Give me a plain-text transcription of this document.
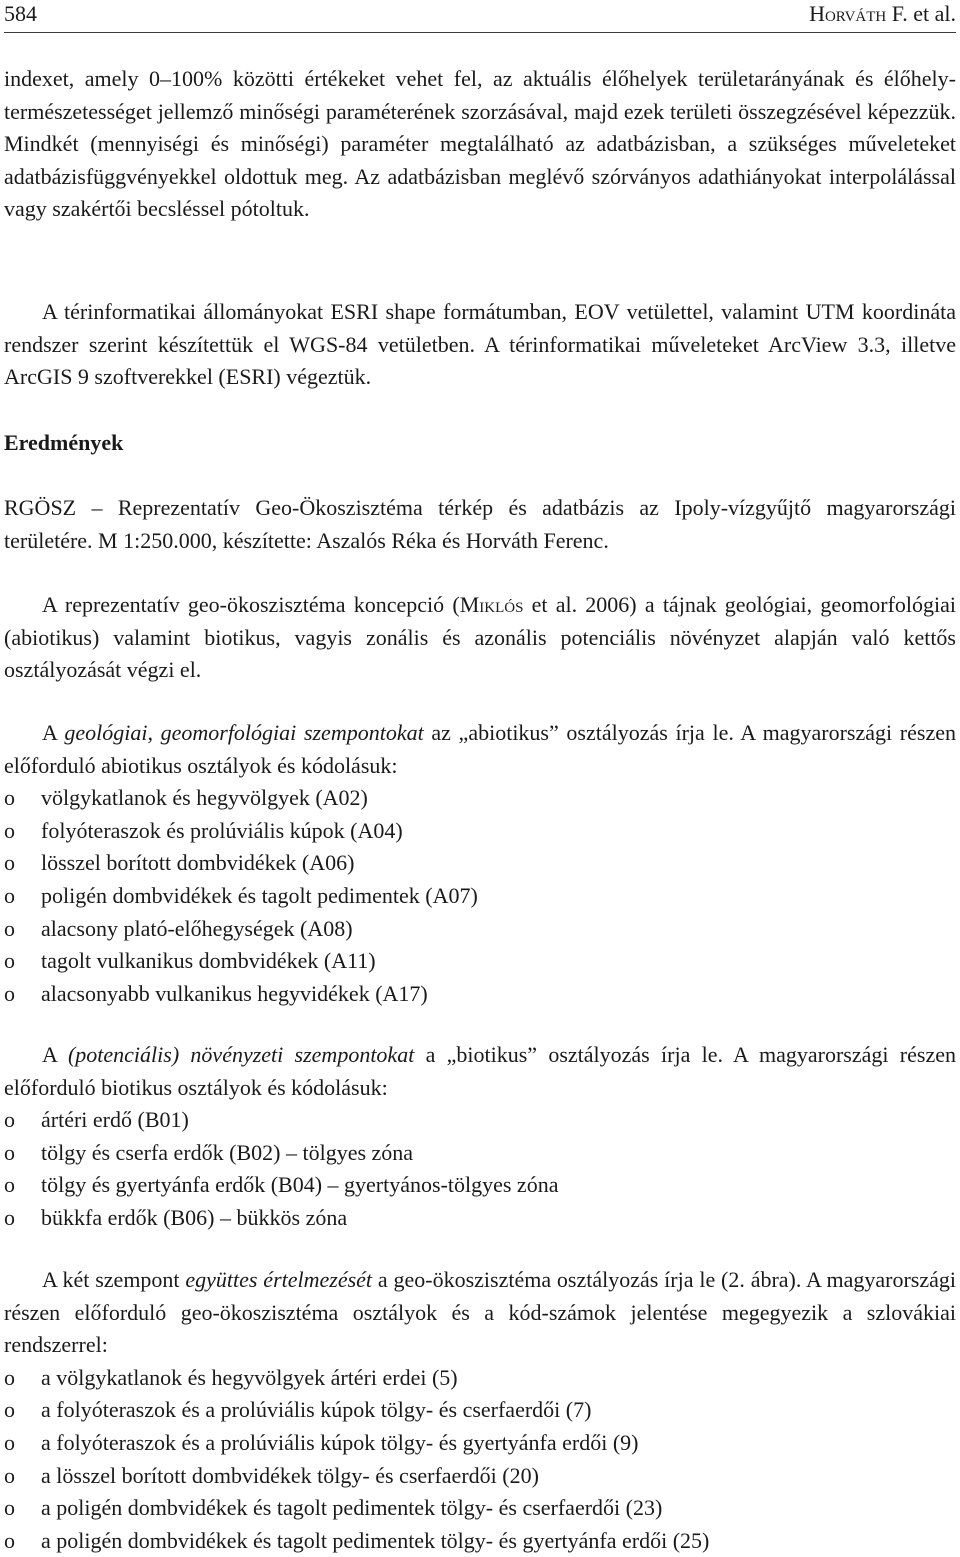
584	Horváth F. et al.

indexet, amely 0–100% közötti értékeket vehet fel, az aktuális élőhelyek területarányának és élőhely-természetességet jellemző minőségi paraméterének szorzásával, majd ezek területi összegzésével képezzük. Mindkét (mennyiségi és minőségi) paraméter megtalálható az adatbázisban, a szükséges műveleteket adatbázisfüggvényekkel oldottuk meg. Az adatbázisban meglévő szórványos adathiányokat interpolálással vagy szakértői becsléssel pótoltuk.

A térinformatikai állományokat ESRI shape formátumban, EOV vetülettel, valamint UTM koordináta rendszer szerint készítettük el WGS-84 vetületben. A térinformatikai műveleteket ArcView 3.3, illetve ArcGIS 9 szoftverekkel (ESRI) végeztük.

Eredmények

RGÖSZ – Reprezentatív Geo-Ökoszisztéma térkép és adatbázis az Ipoly-vízgyűjtő magyarországi területére. M 1:250.000, készítette: Aszalós Réka és Horváth Ferenc.

A reprezentatív geo-ökoszisztéma koncepció (Miklós et al. 2006) a tájnak geológiai, geomorfológiai (abiotikus) valamint biotikus, vagyis zonális és azonális potenciális növényzet alapján való kettős osztályozását végzi el.

A geológiai, geomorfológiai szempontokat az „abiotikus” osztályozás írja le. A magyarországi részen előforduló abiotikus osztályok és kódolásuk:

o völgykatlanok és hegyvölgyek (A02)
o folyóteraszok és prolúviális kúpok (A04)
o lösszel borított dombvidékek (A06)
o poligén dombvidékek és tagolt pedimentek (A07)
o alacsony plató-előhegységek (A08)
o tagolt vulkanikus dombvidékek (A11)
o alacsonyabb vulkanikus hegyvidékek (A17)

A (potenciális) növényzeti szempontokat a „biotikus” osztályozás írja le. A magyarországi részen előforduló biotikus osztályok és kódolásuk:

o ártéri erdő (B01)
o tölgy és cserfa erdők (B02) – tölgyes zóna
o tölgy és gyertyánfa erdők (B04) – gyertyános-tölgyes zóna
o bükkfa erdők (B06) – bükkös zóna

A két szempont együttes értelmezését a geo-ökoszisztéma osztályozás írja le (2. ábra). A magyarországi részen előforduló geo-ökoszisztéma osztályok és a kód-számok jelentése megegyezik a szlovákiai rendszerrel:

o a völgykatlanok és hegyvölgyek ártéri erdei (5)
o a folyóteraszok és a prolúviális kúpok tölgy- és cserfaerdői (7)
o a folyóteraszok és a prolúviális kúpok tölgy- és gyertyánfa erdői (9)
o a lösszel borított dombvidékek tölgy- és cserfaerdői (20)
o a poligén dombvidékek és tagolt pedimentek tölgy- és cserfaerdői (23)
o a poligén dombvidékek és tagolt pedimentek tölgy- és gyertyánfa erdői (25)
